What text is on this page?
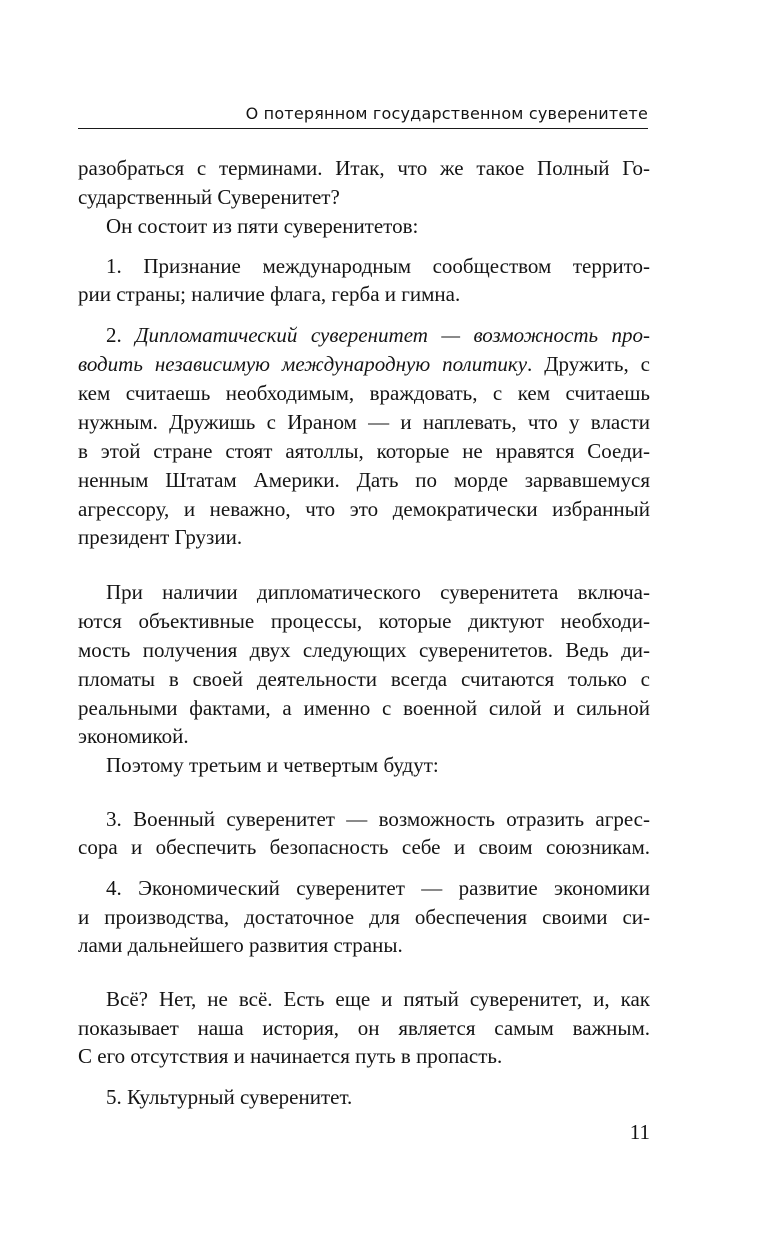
О потерянном государственном суверенитете
разобраться с терминами. Итак, что же такое Полный Го-
сударственный Суверенитет?
Он состоит из пяти суверенитетов:
1. Признание международным сообществом террито-
рии страны; наличие флага, герба и гимна.
2. Дипломатический суверенитет — возможность про-
водить независимую международную политику. Дружить, с
кем считаешь необходимым, враждовать, с кем считаешь
нужным. Дружишь с Ираном — и наплевать, что у власти
в этой стране стоят аятоллы, которые не нравятся Соеди-
ненным Штатам Америки. Дать по морде зарвавшемуся
агрессору, и неважно, что это демократически избранный
президент Грузии.
При наличии дипломатического суверенитета включа-
ются объективные процессы, которые диктуют необходи-
мость получения двух следующих суверенитетов. Ведь ди-
пломаты в своей деятельности всегда считаются только с
реальными фактами, а именно с военной силой и сильной
экономикой.
Поэтому третьим и четвертым будут:
3. Военный суверенитет — возможность отразить агрес-
сора и обеспечить безопасность себе и своим союзникам.
4. Экономический суверенитет — развитие экономики
и производства, достаточное для обеспечения своими си-
лами дальнейшего развития страны.
Всё? Нет, не всё. Есть еще и пятый суверенитет, и, как
показывает наша история, он является самым важным.
С его отсутствия и начинается путь в пропасть.
5. Культурный суверенитет.
11
